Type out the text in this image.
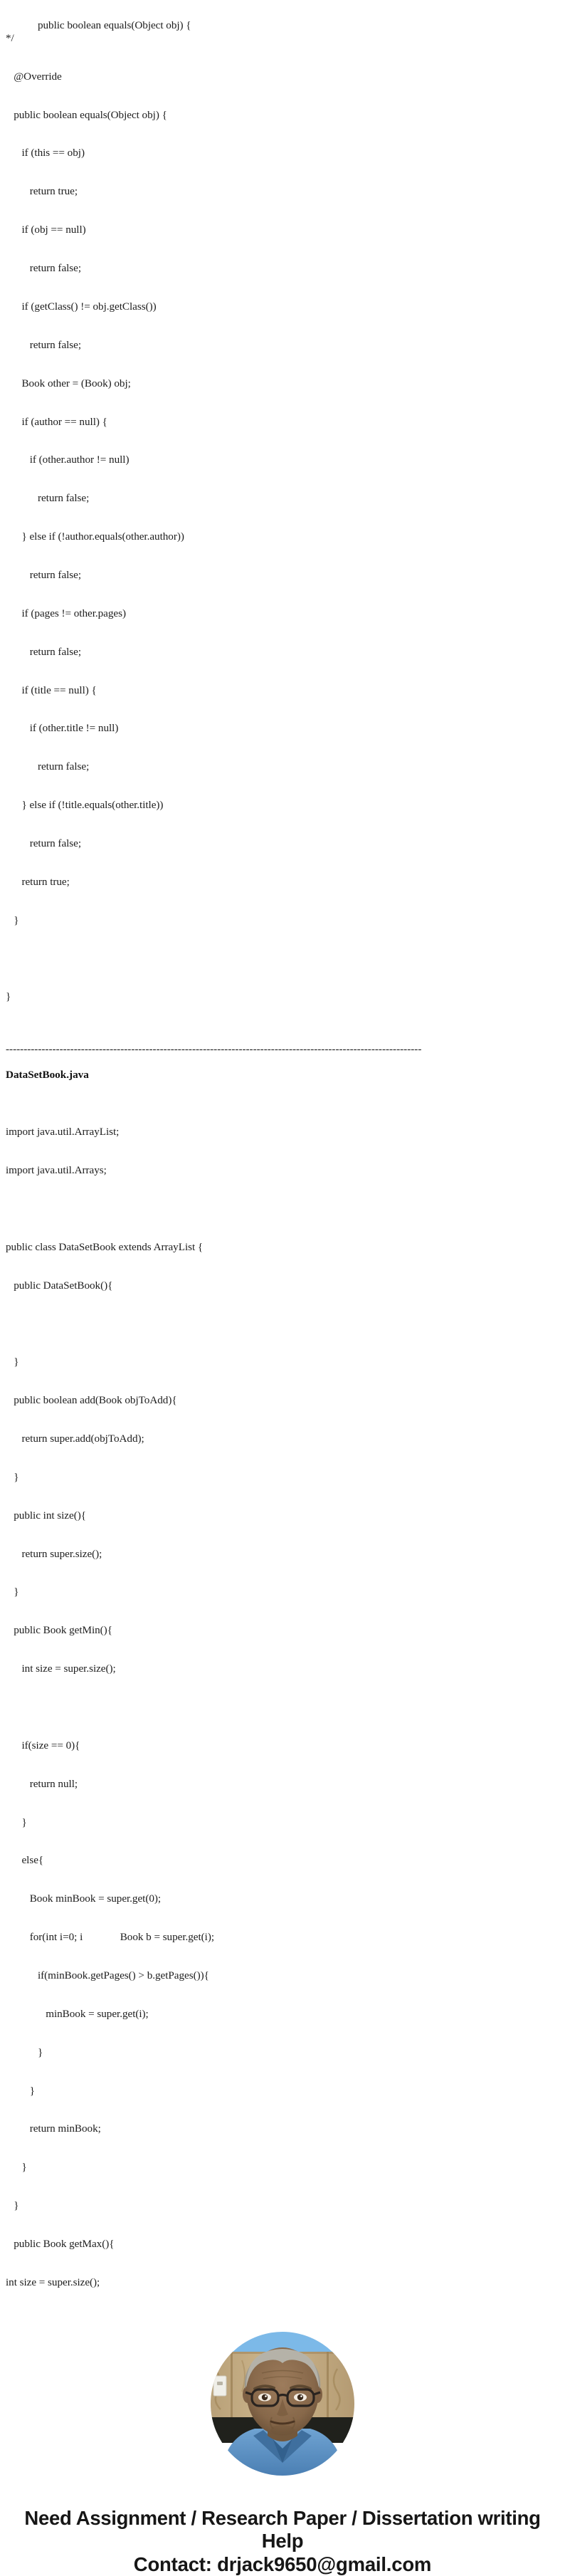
public boolean equals(Object obj) {

*/

@Override

public boolean equals(Object obj) {

if (this == obj)

return true;

if (obj == null)

return false;

if (getClass() != obj.getClass())

return false;

Book other = (Book) obj;

if (author == null) {

if (other.author != null)

return false;

} else if (!author.equals(other.author))

return false;

if (pages != other.pages)

return false;

if (title == null) {

if (other.title != null)

return false;

} else if (!title.equals(other.title))

return false;

return true;

}

}

--------------------------------------------------------------------------------------------------------------------
DataSetBook.java

import java.util.ArrayList;

import java.util.Arrays;

public class DataSetBook extends ArrayList {

public DataSetBook(){

}

public boolean add(Book objToAdd){

return super.add(objToAdd);

}

public int size(){

return super.size();

}

public Book getMin(){

int size = super.size();

if(size == 0){

return null;

}

else{

Book minBook = super.get(0);

for(int i=0; i              Book b = super.get(i);

if(minBook.getPages() > b.getPages()){

minBook = super.get(i);

}

}

return minBook;

}

}

public Book getMax(){

int size = super.size();

Need Assignment / Research Paper / Dissertation writing Help
Contact: drjack9650@gmail.com
